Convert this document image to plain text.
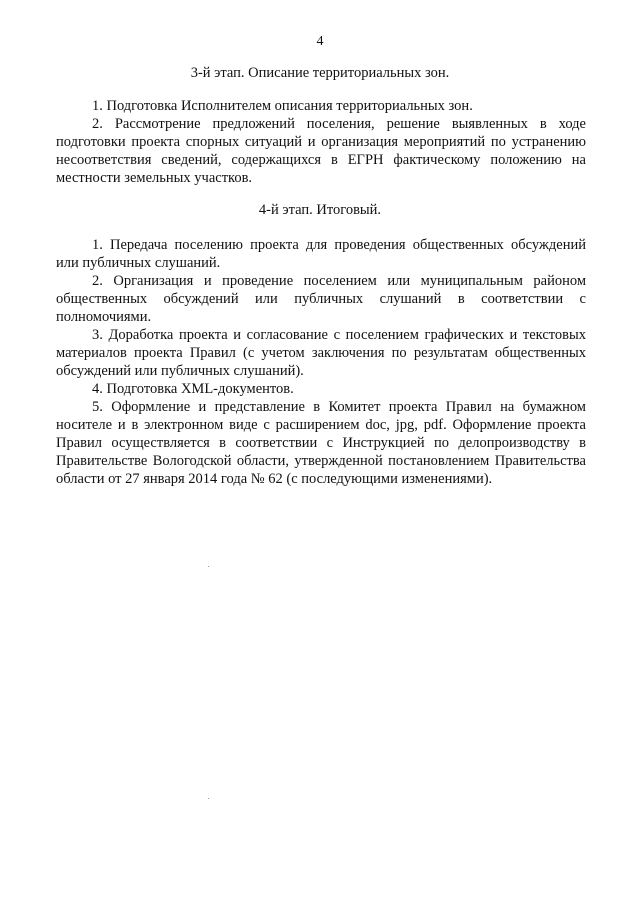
4
3-й этап. Описание территориальных зон.

1. Подготовка Исполнителем описания территориальных зон.

2. Рассмотрение предложений поселения, решение выявленных в ходе подготовки проекта спорных ситуаций и организация мероприятий по устранению несоответствия сведений, содержащихся в ЕГРН фактическому положению на местности земельных участков.

4-й этап. Итоговый.

1. Передача поселению проекта для проведения общественных обсуждений или публичных слушаний.

2. Организация и проведение поселением или муниципальным районом общественных обсуждений или публичных слушаний в соответствии с полномочиями.

3. Доработка проекта и согласование с поселением графических и текстовых материалов проекта Правил (с учетом заключения по результатам общественных обсуждений или публичных слушаний).

4. Подготовка XML-документов.

5. Оформление и представление в Комитет проекта Правил на бумажном носителе и в электронном виде с расширением doc, jpg, pdf. Оформление проекта Правил осуществляется в соответствии с Инструкцией по делопроизводству в Правительстве Вологодской области, утвержденной постановлением Правительства области от 27 января 2014 года № 62 (с последующими изменениями).
